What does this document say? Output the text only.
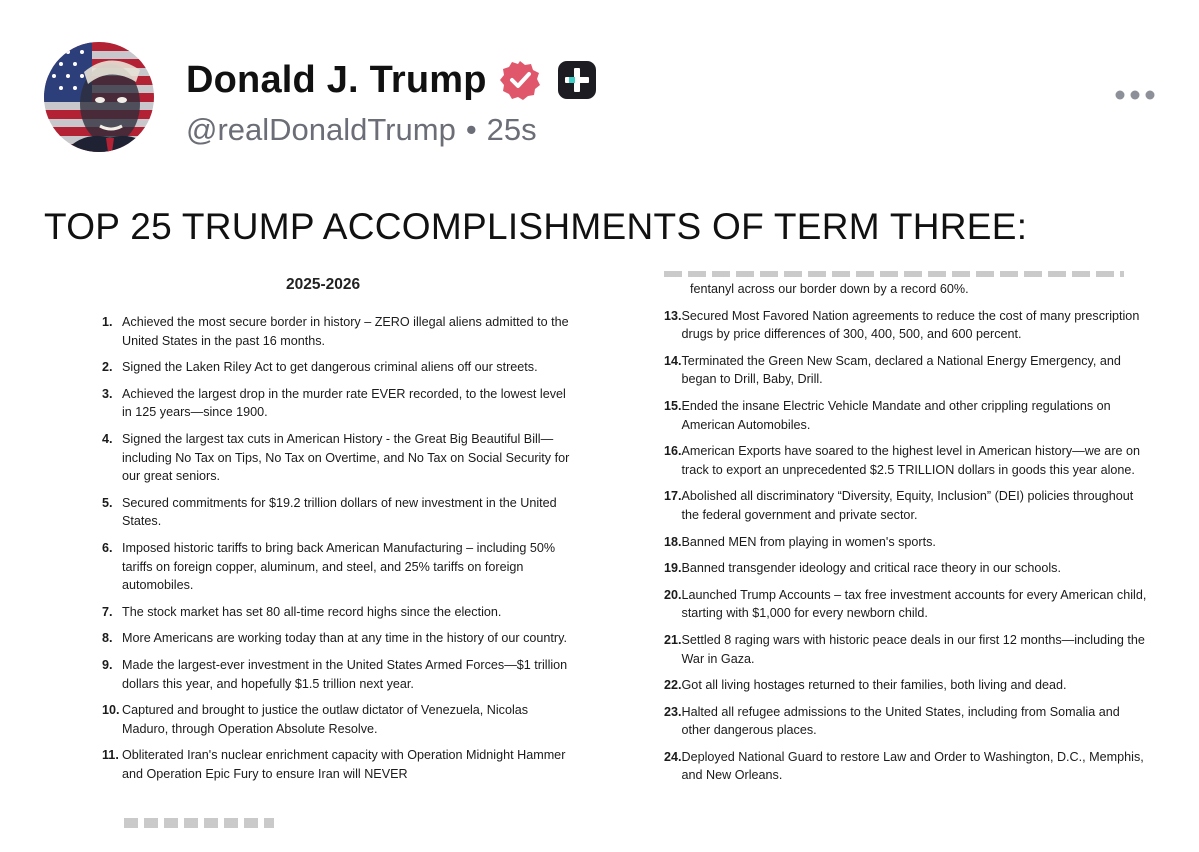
Donald J. Trump
@realDonaldTrump • 25s
TOP 25 TRUMP ACCOMPLISHMENTS OF TERM THREE:
2025-2026
1. Achieved the most secure border in history – ZERO illegal aliens admitted to the United States in the past 16 months.
2. Signed the Laken Riley Act to get dangerous criminal aliens off our streets.
3. Achieved the largest drop in the murder rate EVER recorded, to the lowest level in 125 years—since 1900.
4. Signed the largest tax cuts in American History - the Great Big Beautiful Bill—including No Tax on Tips, No Tax on Overtime, and No Tax on Social Security for our great seniors.
5. Secured commitments for $19.2 trillion dollars of new investment in the United States.
6. Imposed historic tariffs to bring back American Manufacturing – including 50% tariffs on foreign copper, aluminum, and steel, and 25% tariffs on foreign automobiles.
7. The stock market has set 80 all-time record highs since the election.
8. More Americans are working today than at any time in the history of our country.
9. Made the largest-ever investment in the United States Armed Forces—$1 trillion dollars this year, and hopefully $1.5 trillion next year.
10. Captured and brought to justice the outlaw dictator of Venezuela, Nicolas Maduro, through Operation Absolute Resolve.
11. Obliterated Iran's nuclear enrichment capacity with Operation Midnight Hammer and Operation Epic Fury to ensure Iran will NEVER
fentanyl across our border down by a record 60%.
13. Secured Most Favored Nation agreements to reduce the cost of many prescription drugs by price differences of 300, 400, 500, and 600 percent.
14. Terminated the Green New Scam, declared a National Energy Emergency, and began to Drill, Baby, Drill.
15. Ended the insane Electric Vehicle Mandate and other crippling regulations on American Automobiles.
16. American Exports have soared to the highest level in American history—we are on track to export an unprecedented $2.5 TRILLION dollars in goods this year alone.
17. Abolished all discriminatory “Diversity, Equity, Inclusion” (DEI) policies throughout the federal government and private sector.
18. Banned MEN from playing in women's sports.
19. Banned transgender ideology and critical race theory in our schools.
20. Launched Trump Accounts – tax free investment accounts for every American child, starting with $1,000 for every newborn child.
21. Settled 8 raging wars with historic peace deals in our first 12 months—including the War in Gaza.
22. Got all living hostages returned to their families, both living and dead.
23. Halted all refugee admissions to the United States, including from Somalia and other dangerous places.
24. Deployed National Guard to restore Law and Order to Washington, D.C., Memphis, and New Orleans.
